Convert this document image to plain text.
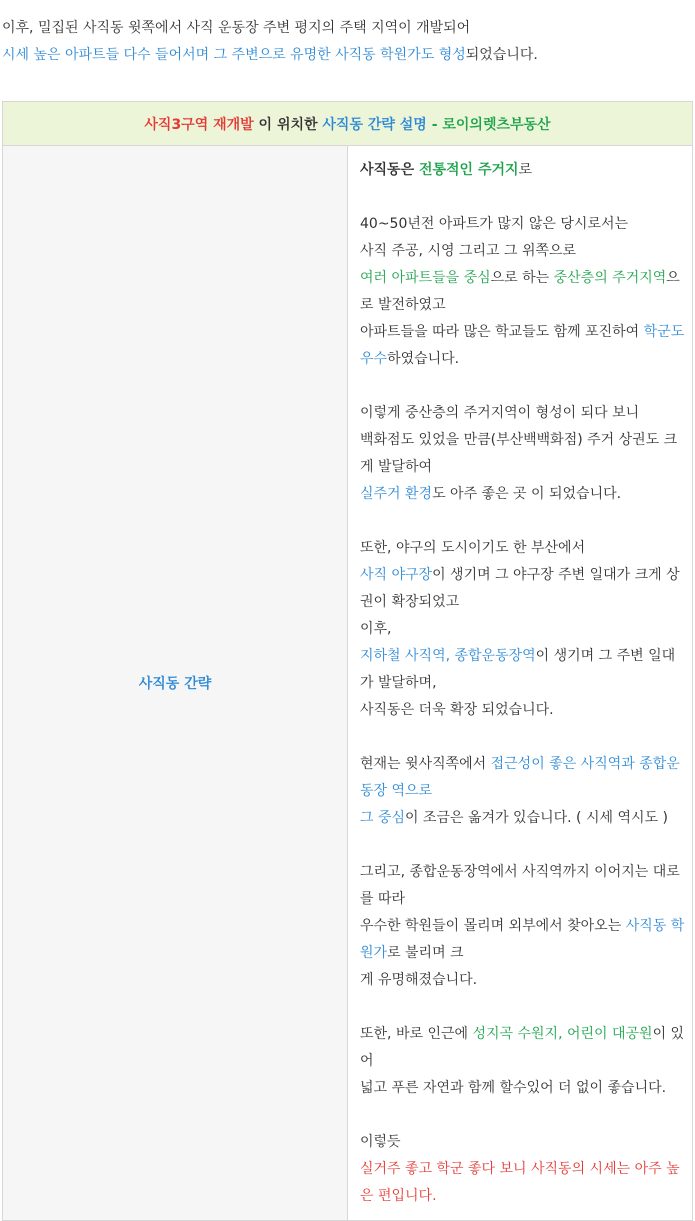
이후, 밀집된 사직동 윗쪽에서 사직 운동장 주변 평지의 주택 지역이 개발되어

시세 높은 아파트들 다수 들어서며 그 주변으로 유명한 사직동 학원가도 형성되었습니다.

사직3구역 재개발 이 위치한 사직동 간략 설명 - 로이의렛츠부동산
사직동 간략	

사직동은 전통적인 주거지로

40~50년전 아파트가 많지 않은 당시로서는
사직 주공, 시영 그리고 그 위쪽으로
여러 아파트들을 중심으로 하는 중산층의 주거지역으로 발전하였고
아파트들을 따라 많은 학교들도 함께 포진하여 학군도 우수하였습니다.

이렇게 중산층의 주거지역이 형성이 되다 보니
백화점도 있었을 만큼(부산백백화점) 주거 상권도 크게 발달하여
실주거 환경도 아주 좋은 곳 이 되었습니다.

또한, 야구의 도시이기도 한 부산에서
사직 야구장이 생기며 그 야구장 주변 일대가 크게 상권이 확장되었고
이후,
지하철 사직역, 종합운동장역이 생기며 그 주변 일대가 발달하며,
사직동은 더욱 확장 되었습니다.

현재는 윗사직쪽에서 접근성이 좋은 사직역과 종합운동장 역으로
그 중심이 조금은 옮겨가 있습니다. ( 시세 역시도 )

그리고, 종합운동장역에서 사직역까지 이어지는 대로를 따라
우수한 학원들이 몰리며 외부에서 찾아오는 사직동 학원가로 불리며 크
게 유명해졌습니다.

또한, 바로 인근에 성지곡 수원지, 어린이 대공원이 있어
넓고 푸른 자연과 함께 할수있어 더 없이 좋습니다.

이렇듯
실거주 좋고 학군 좋다 보니 사직동의 시세는 아주 높은 편입니다.
